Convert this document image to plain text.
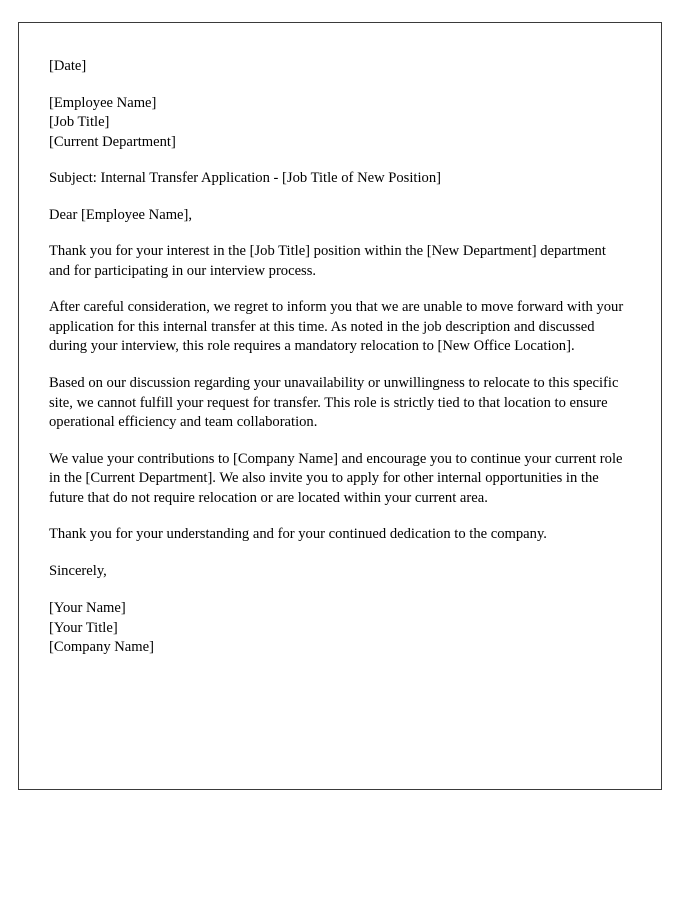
[Date]

[Employee Name]

[Job Title]

[Current Department]

Subject: Internal Transfer Application - [Job Title of New Position]

Dear [Employee Name],

Thank you for your interest in the [Job Title] position within the [New Department] department and for participating in our interview process.

After careful consideration, we regret to inform you that we are unable to move forward with your application for this internal transfer at this time. As noted in the job description and discussed during your interview, this role requires a mandatory relocation to [New Office Location].

Based on our discussion regarding your unavailability or unwillingness to relocate to this specific site, we cannot fulfill your request for transfer. This role is strictly tied to that location to ensure operational efficiency and team collaboration.

We value your contributions to [Company Name] and encourage you to continue your current role in the [Current Department]. We also invite you to apply for other internal opportunities in the future that do not require relocation or are located within your current area.

Thank you for your understanding and for your continued dedication to the company.

Sincerely,

[Your Name]

[Your Title]

[Company Name]
